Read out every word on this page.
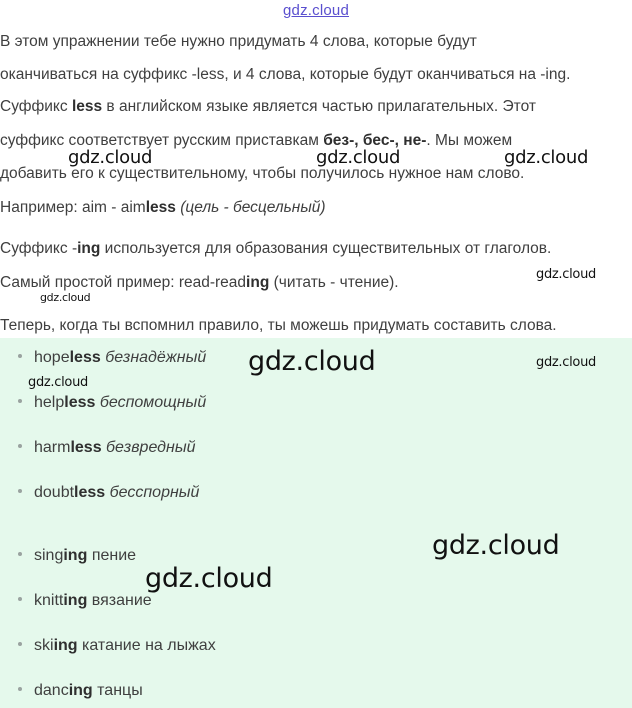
gdz.cloud
В этом упражнении тебе нужно придумать 4 слова, которые будут
оканчиваться на суффикс -less, и 4 слова, которые будут оканчиваться на -ing.
Суффикс less в английском языке является частью прилагательных. Этот
суффикс соответствует русским приставкам без-, бес-, не-. Мы можем
добавить его к существительному, чтобы получилось нужное нам слово.
Например: aim - aimless (цель - бесцельный)
Суффикс -ing используется для образования существительных от глаголов.
Самый простой пример: read-reading (читать - чтение).
Теперь, когда ты вспомнил правило, ты можешь придумать составить слова.
hopeless безнадёжный
helpless беспомощный
harmless безвредный
doubtless бесспорный
singing пение
knitting вязание
skiing катание на лыжах
dancing танцы
gdz.cloud	gdz.cloud	gdz.cloud
gdz.cloud
gdz.cloud
gdz.cloud	gdz.cloud
gdz.cloud
gdz.cloud
gdz.cloud
